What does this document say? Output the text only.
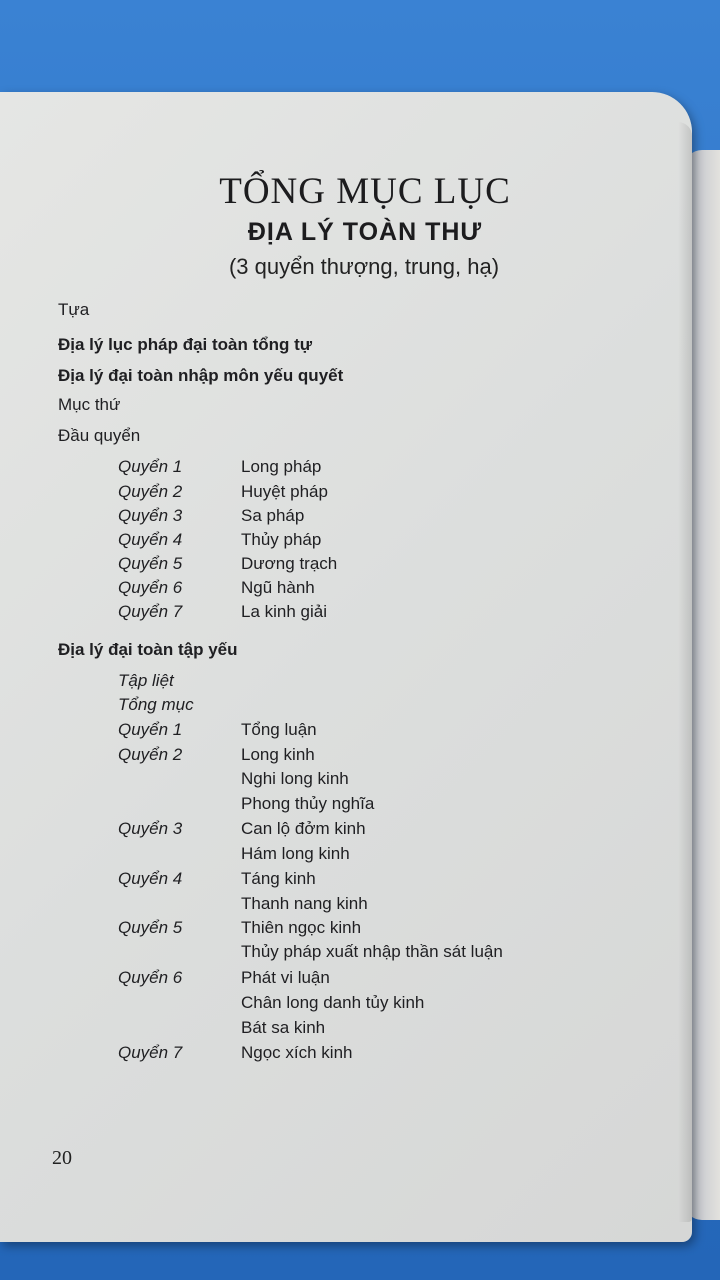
TỔNG MỤC LỤC
ĐỊA LÝ TOÀN THƯ
(3 quyển thượng, trung, hạ)
Tựa
Địa lý lục pháp đại toàn tổng tự
Địa lý đại toàn nhập môn yếu quyết
Mục thứ
Đầu quyển
Quyển 1	Long pháp
Quyển 2	Huyệt pháp
Quyển 3	Sa pháp
Quyển 4	Thủy pháp
Quyển 5	Dương trạch
Quyển 6	Ngũ hành
Quyển 7	La kinh giải
Địa lý đại toàn tập yếu
Tập liệt
Tổng mục
Quyển 1	Tổng luận
Quyển 2	Long kinh
Nghi long kinh
Phong thủy nghĩa
Quyển 3	Can lộ đởm kinh
Hám long kinh
Quyển 4	Táng kinh
Thanh nang kinh
Quyển 5	Thiên ngọc kinh
Thủy pháp xuất nhập thần sát luận
Quyển 6	Phát vi luận
Chân long danh tủy kinh
Bát sa kinh
Quyển 7	Ngọc xích kinh
20
